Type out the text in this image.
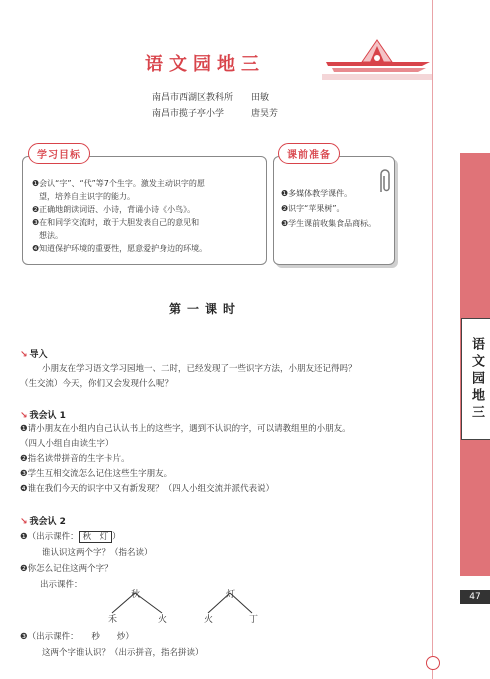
语文园地三
南昌市西湖区教科所　　田敏
南昌市揽子亭小学　　　唐昊芳
学习目标
❶会认“字”、“代”等7个生字。激发主动识字的愿
望，培养自主识字的能力。
❷正确地朗读词语、小诗，背诵小诗《小鸟》。
❸在和同学交流时，敢于大胆发表自己的意见和
想法。
❹知道保护环境的重要性，愿意爱护身边的环境。
课前准备
❶多媒体教学课件。
❷识字“苹果树”。
❸学生课前收集食品商标。
第一课时
↘ 导入
小朋友在学习语文学习园地一、二时，已经发现了一些识字方法，小朋友还记得吗？
（生交流）今天，你们又会发现什么呢？
↘ 我会认 1
❶请小朋友在小组内自己认认书上的这些字，遇到不认识的字，可以请教组里的小朋友。
（四人小组自由读生字）
❷指名读带拼音的生字卡片。
❸学生互相交流怎么记住这些生字朋友。
❹谁在我们今天的识字中又有新发现？（四人小组交流并派代表说）
↘ 我会认 2
❶（出示课件： 秋　灯 ）
谁认识这两个字？（指名读）
❷你怎么记住这两个字？
出示课件：
秋
禾	火
灯
火	丁
❸（出示课件：　　秒　　炒）
这两个字谁认识？（出示拼音，指名拼读）
语文园地三
47
